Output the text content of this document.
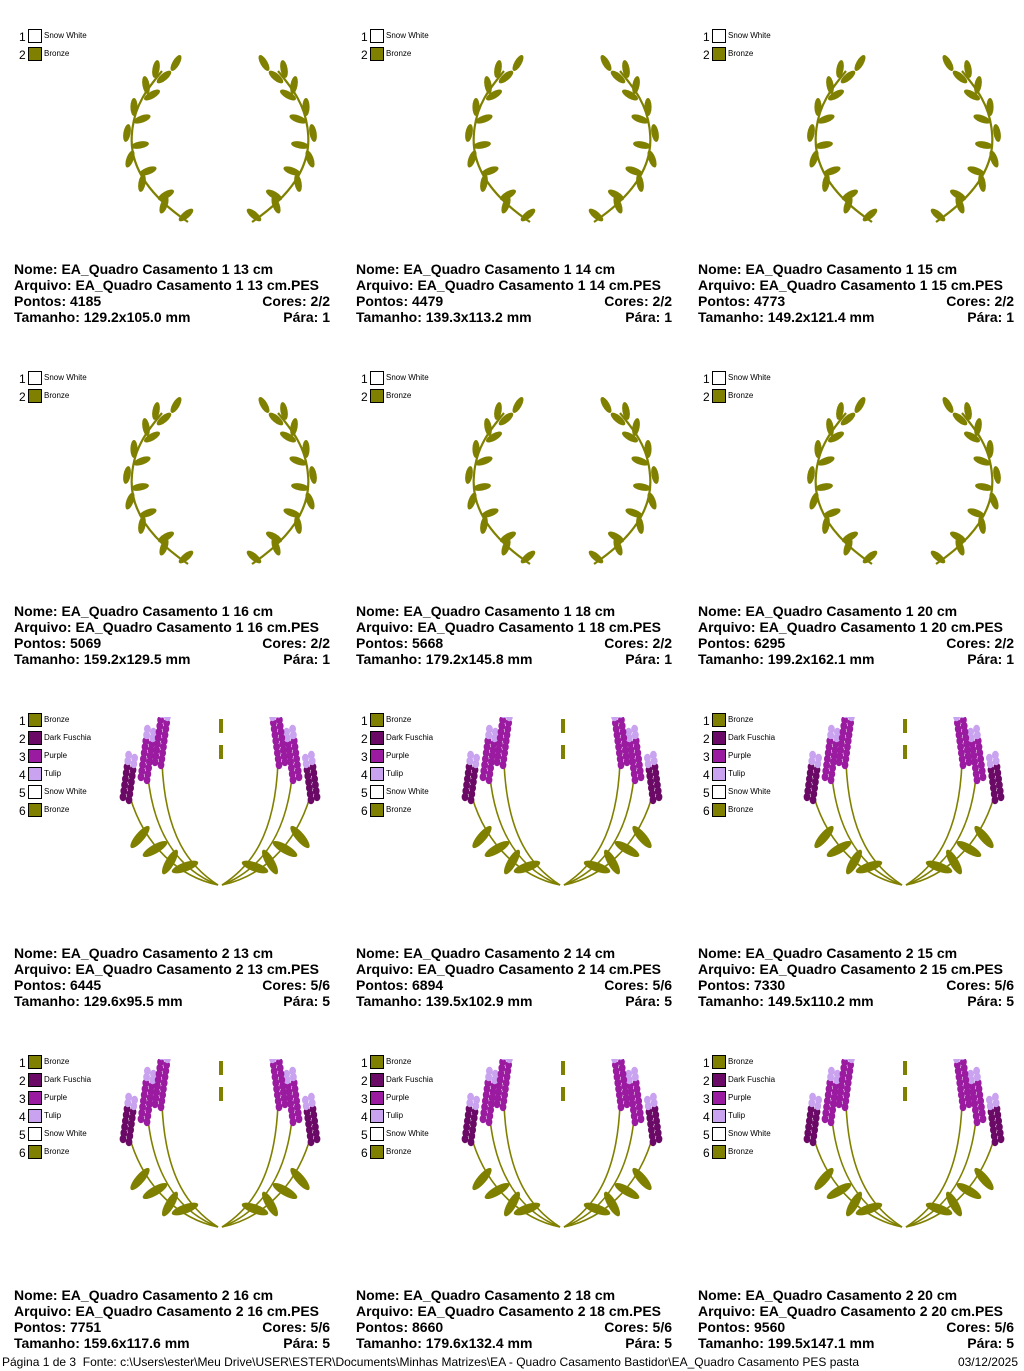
1 Snow White
2 Bronze
Nome: EA_Quadro Casamento 1 13 cm
Arquivo: EA_Quadro Casamento 1 13 cm.PES
Pontos: 4185	Cores: 2/2
Tamanho: 129.2x105.0 mm	Pára: 1
1 Snow White
2 Bronze
Nome: EA_Quadro Casamento 1 14 cm
Arquivo: EA_Quadro Casamento 1 14 cm.PES
Pontos: 4479	Cores: 2/2
Tamanho: 139.3x113.2 mm	Pára: 1
1 Snow White
2 Bronze
Nome: EA_Quadro Casamento 1 15 cm
Arquivo: EA_Quadro Casamento 1 15 cm.PES
Pontos: 4773	Cores: 2/2
Tamanho: 149.2x121.4 mm	Pára: 1
1 Snow White
2 Bronze
Nome: EA_Quadro Casamento 1 16 cm
Arquivo: EA_Quadro Casamento 1 16 cm.PES
Pontos: 5069	Cores: 2/2
Tamanho: 159.2x129.5 mm	Pára: 1
1 Snow White
2 Bronze
Nome: EA_Quadro Casamento 1 18 cm
Arquivo: EA_Quadro Casamento 1 18 cm.PES
Pontos: 5668	Cores: 2/2
Tamanho: 179.2x145.8 mm	Pára: 1
1 Snow White
2 Bronze
Nome: EA_Quadro Casamento 1 20 cm
Arquivo: EA_Quadro Casamento 1 20 cm.PES
Pontos: 6295	Cores: 2/2
Tamanho: 199.2x162.1 mm	Pára: 1
1 Bronze
2 Dark Fuschia
3 Purple
4 Tulip
5 Snow White
6 Bronze
Nome: EA_Quadro Casamento 2 13 cm
Arquivo: EA_Quadro Casamento 2 13 cm.PES
Pontos: 6445	Cores: 5/6
Tamanho: 129.6x95.5 mm	Pára: 5
1 Bronze
2 Dark Fuschia
3 Purple
4 Tulip
5 Snow White
6 Bronze
Nome: EA_Quadro Casamento 2 14 cm
Arquivo: EA_Quadro Casamento 2 14 cm.PES
Pontos: 6894	Cores: 5/6
Tamanho: 139.5x102.9 mm	Pára: 5
1 Bronze
2 Dark Fuschia
3 Purple
4 Tulip
5 Snow White
6 Bronze
Nome: EA_Quadro Casamento 2 15 cm
Arquivo: EA_Quadro Casamento 2 15 cm.PES
Pontos: 7330	Cores: 5/6
Tamanho: 149.5x110.2 mm	Pára: 5
1 Bronze
2 Dark Fuschia
3 Purple
4 Tulip
5 Snow White
6 Bronze
Nome: EA_Quadro Casamento 2 16 cm
Arquivo: EA_Quadro Casamento 2 16 cm.PES
Pontos: 7751	Cores: 5/6
Tamanho: 159.6x117.6 mm	Pára: 5
1 Bronze
2 Dark Fuschia
3 Purple
4 Tulip
5 Snow White
6 Bronze
Nome: EA_Quadro Casamento 2 18 cm
Arquivo: EA_Quadro Casamento 2 18 cm.PES
Pontos: 8660	Cores: 5/6
Tamanho: 179.6x132.4 mm	Pára: 5
1 Bronze
2 Dark Fuschia
3 Purple
4 Tulip
5 Snow White
6 Bronze
Nome: EA_Quadro Casamento 2 20 cm
Arquivo: EA_Quadro Casamento 2 20 cm.PES
Pontos: 9560	Cores: 5/6
Tamanho: 199.5x147.1 mm	Pára: 5
Página 1 de 3 Fonte: c:\Users\ester\Meu Drive\USER\ESTER\Documents\Minhas Matrizes\EA - Quadro Casamento Bastidor\EA_Quadro Casamento PES pasta	03/12/2025
